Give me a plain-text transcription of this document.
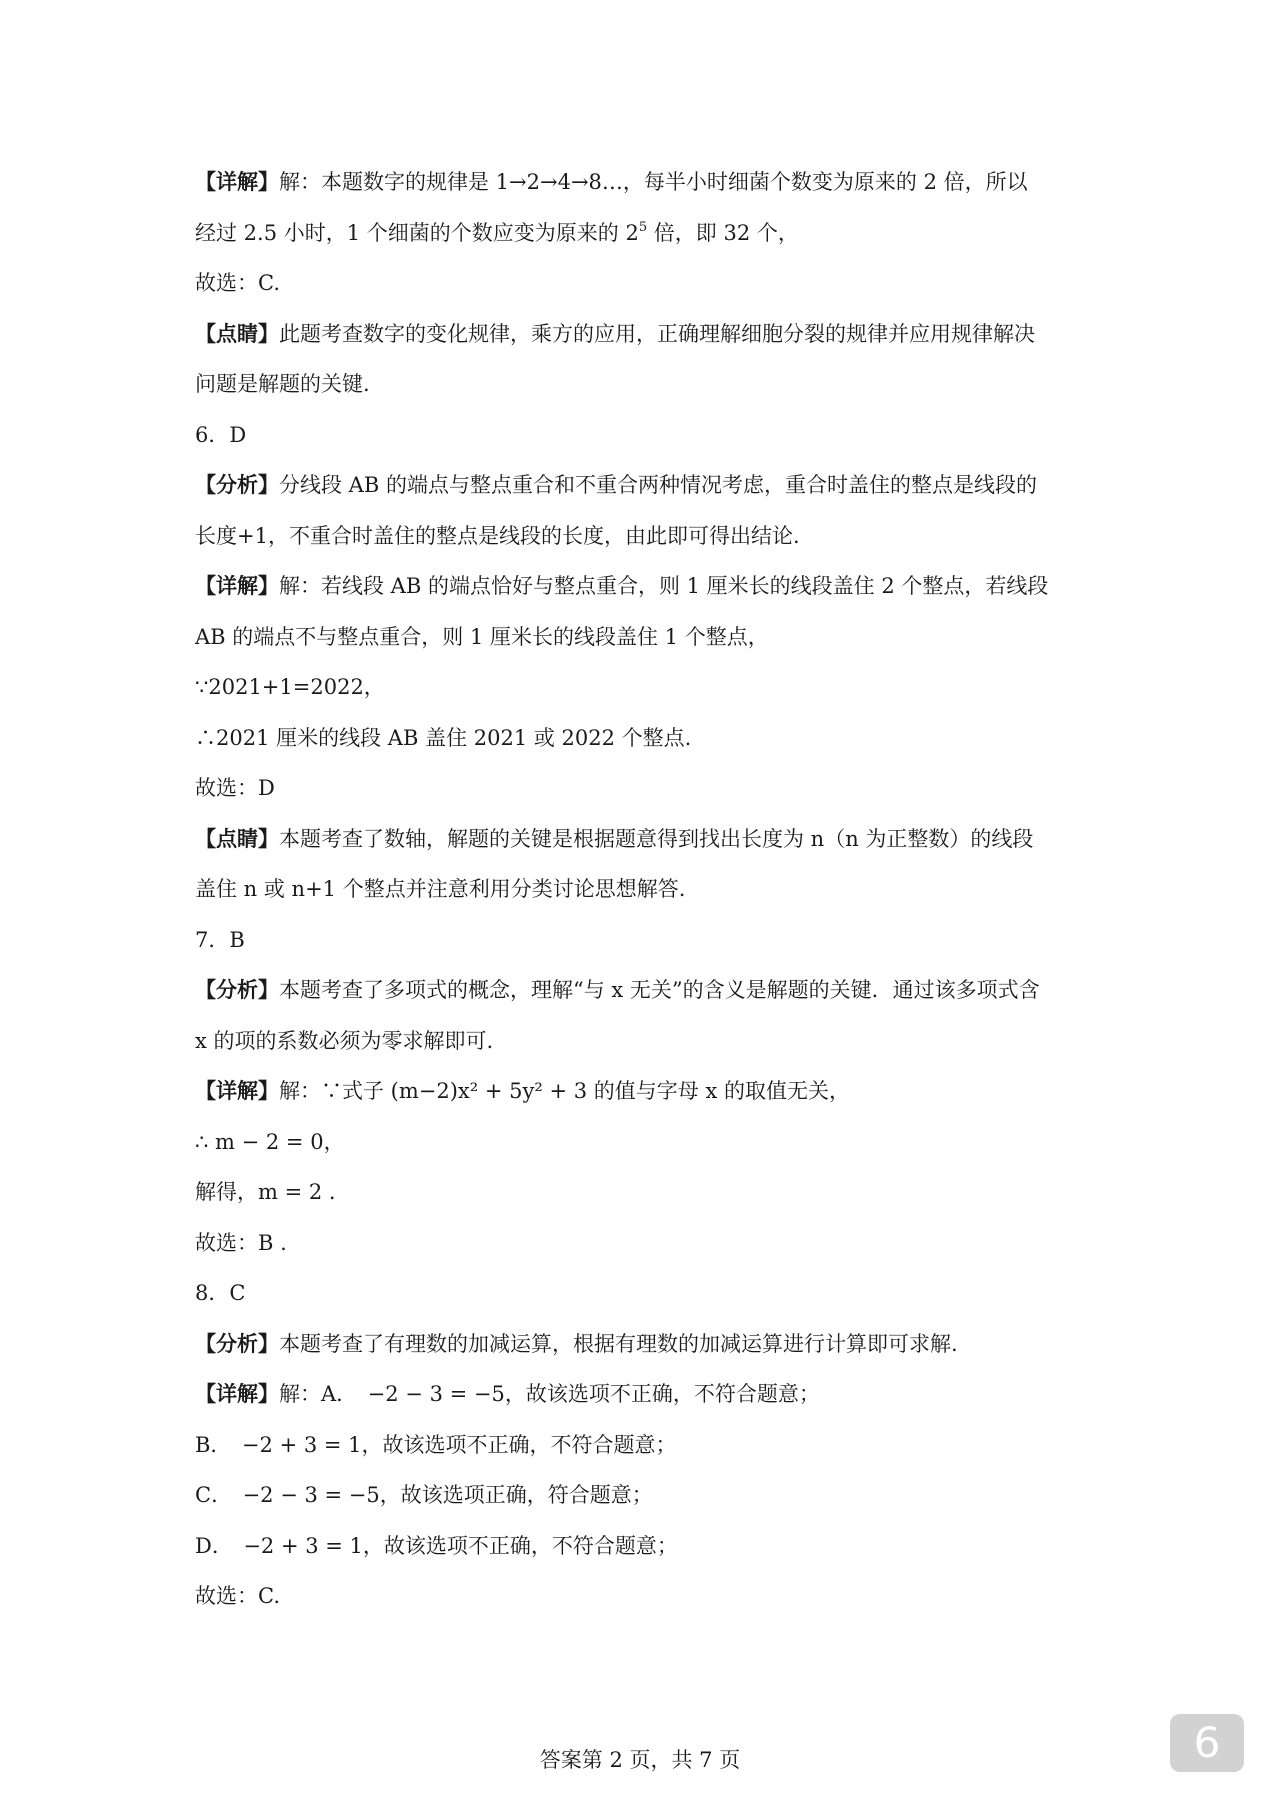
【详解】解：本题数字的规律是 1→2→4→8…，每半小时细菌个数变为原来的 2 倍，所以
经过 2.5 小时，1 个细菌的个数应变为原来的 $2^5$ 倍，即 32 个，
故选：C.
【点睛】此题考查数字的变化规律，乘方的应用，正确理解细胞分裂的规律并应用规律解决
问题是解题的关键.
6．D
【分析】分线段 AB 的端点与整点重合和不重合两种情况考虑，重合时盖住的整点是线段的
长度+1，不重合时盖住的整点是线段的长度，由此即可得出结论.
【详解】解：若线段 AB 的端点恰好与整点重合，则 1 厘米长的线段盖住 2 个整点，若线段
AB 的端点不与整点重合，则 1 厘米长的线段盖住 1 个整点，
∵2021+1=2022，
∴2021 厘米的线段 AB 盖住 2021 或 2022 个整点.
故选：D
【点睛】本题考查了数轴，解题的关键是根据题意得到找出长度为 n（n 为正整数）的线段
盖住 n 或 n+1 个整点并注意利用分类讨论思想解答.
7．B
【分析】本题考查了多项式的概念，理解“与 x 无关”的含义是解题的关键．通过该多项式含
x 的项的系数必须为零求解即可.
【详解】解：∵式子 (m−2)x² + 5y² + 3 的值与字母 x 的取值无关，
∴ m − 2 = 0，
解得，m = 2 .
故选：B .
8．C
【分析】本题考查了有理数的加减运算，根据有理数的加减运算进行计算即可求解.
【详解】解：A．　−2 − 3 = −5，故该选项不正确，不符合题意；
B．　−2 + 3 = 1，故该选项不正确，不符合题意；
C．　−2 − 3 = −5，故该选项正确，符合题意；
D．　−2 + 3 = 1，故该选项不正确，不符合题意；
故选：C.
答案第 2 页，共 7 页	6
